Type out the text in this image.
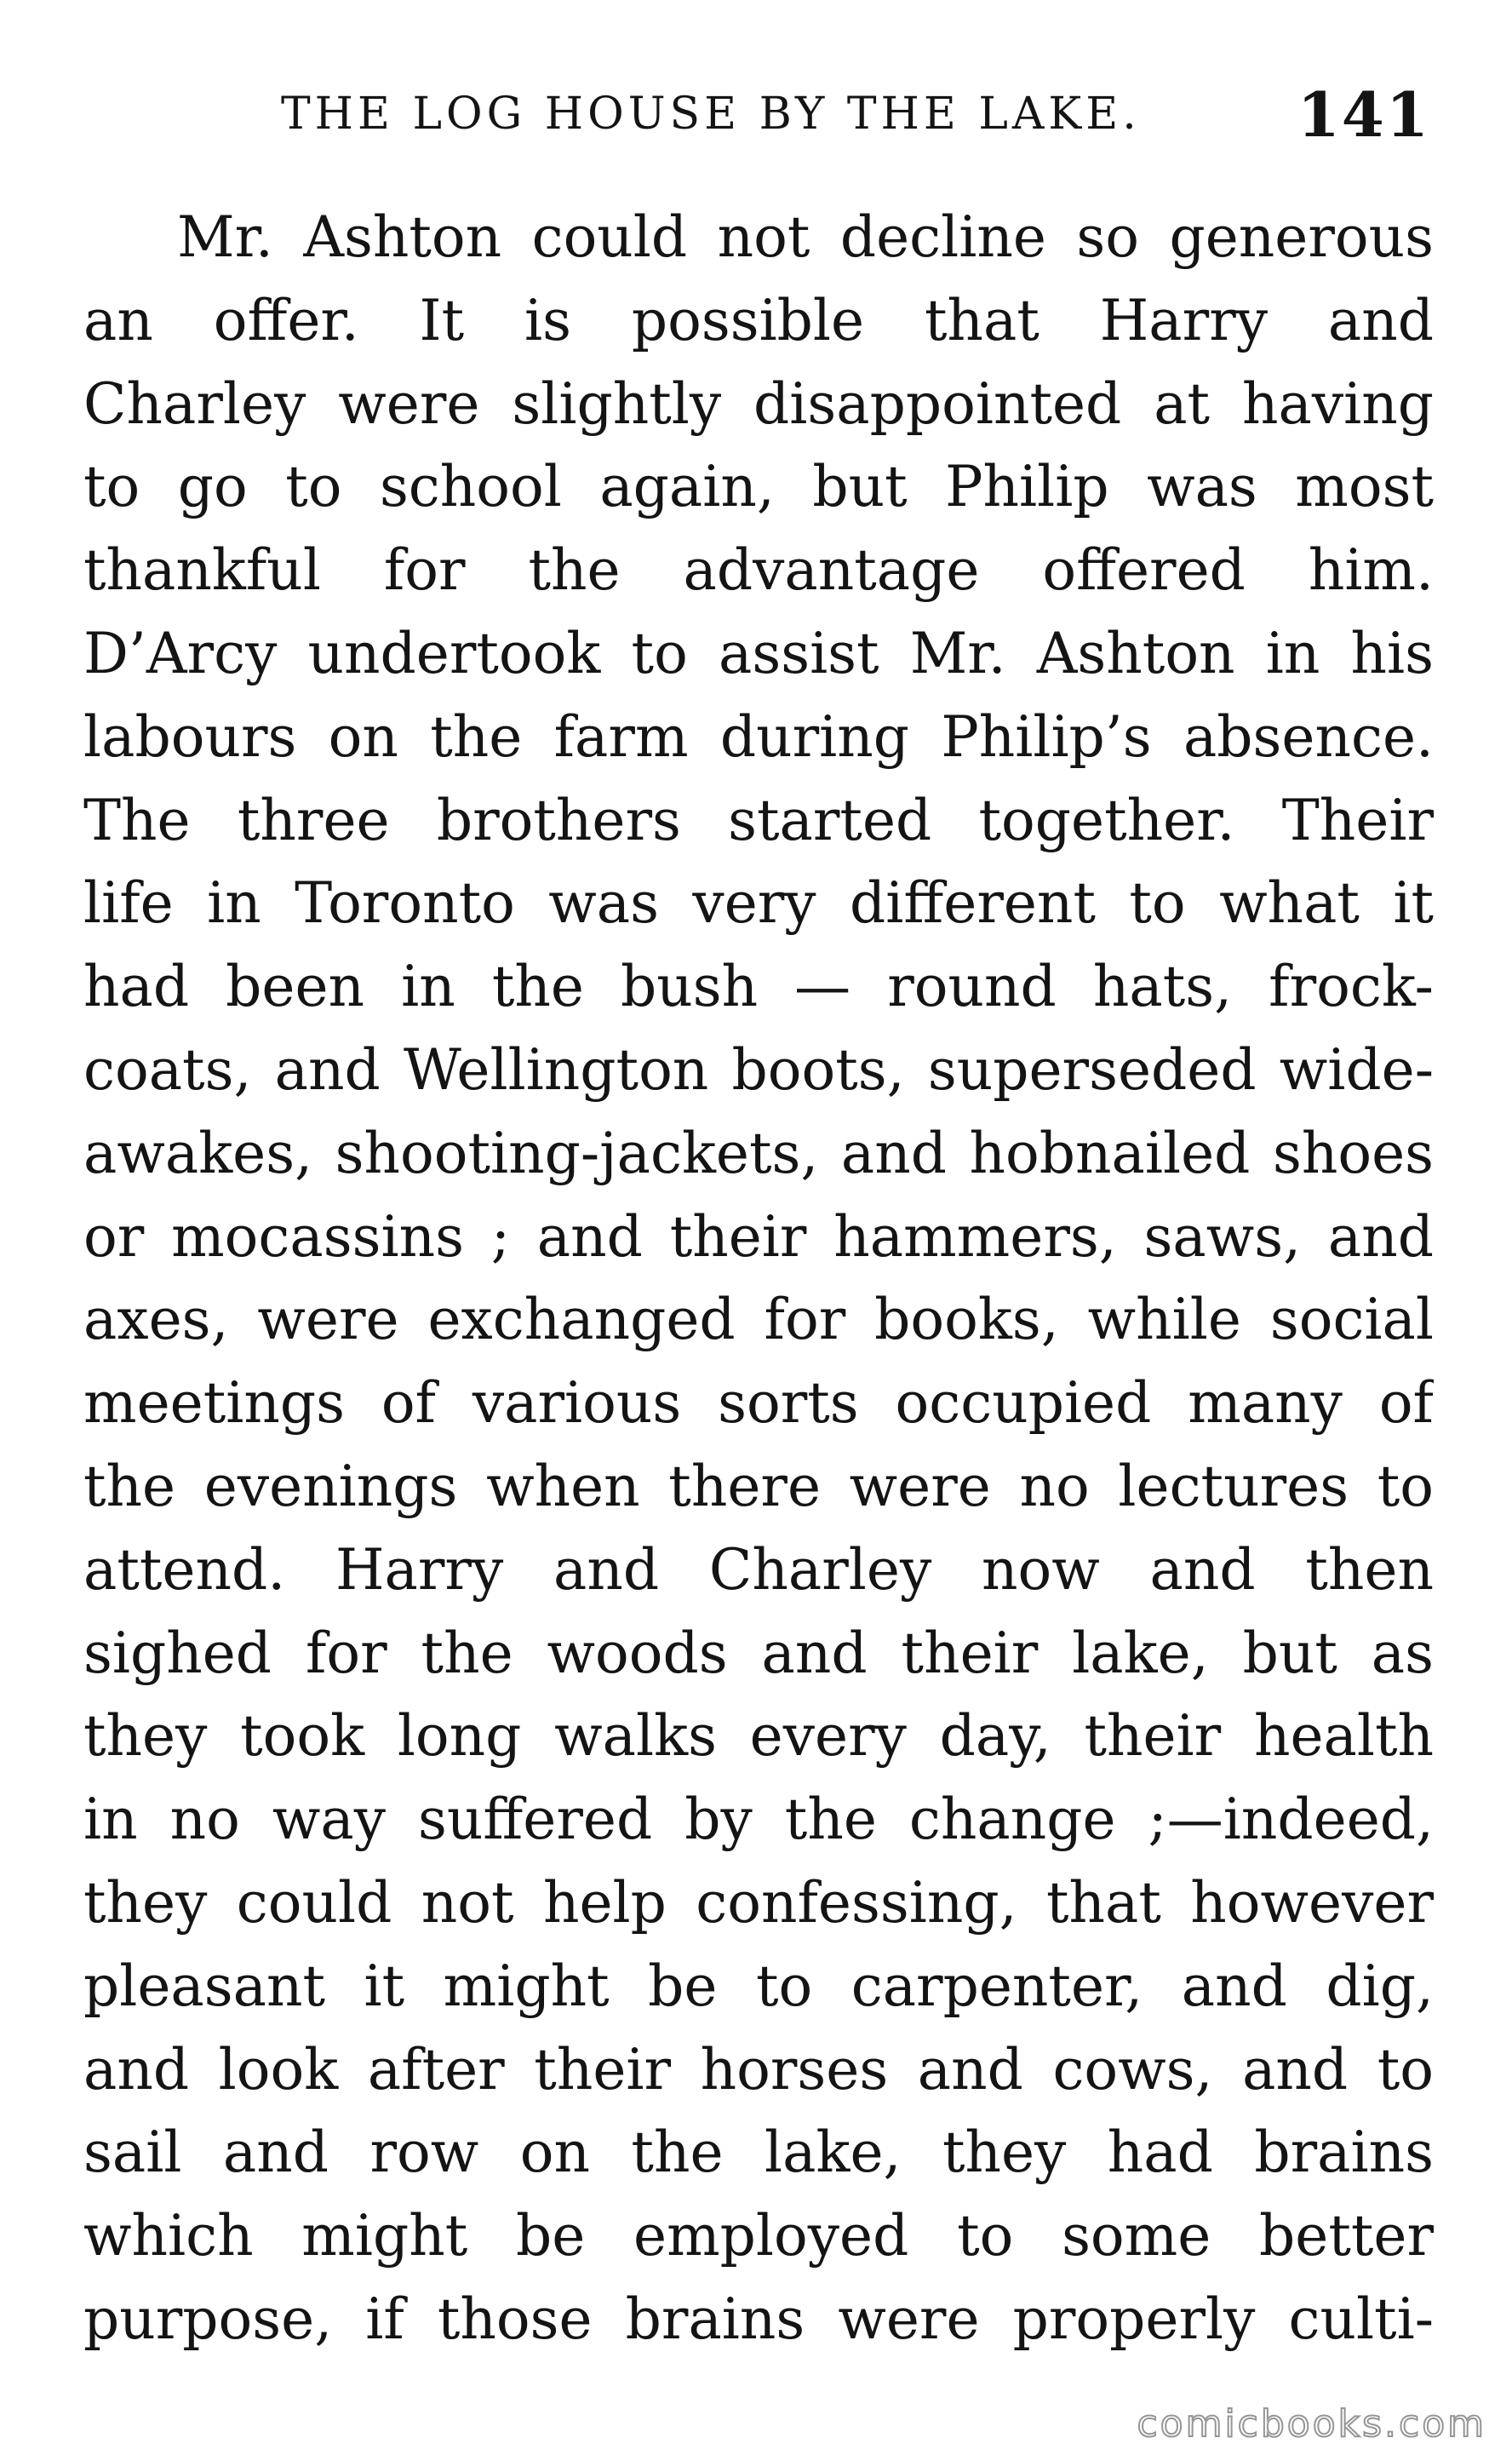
THE LOG HOUSE BY THE LAKE.	141
Mr. Ashton could not decline so generous
an offer. It is possible that Harry and
Charley were slightly disappointed at having
to go to school again, but Philip was most
thankful for the advantage offered him.
D’Arcy undertook to assist Mr. Ashton in his
labours on the farm during Philip’s absence.
The three brothers started together. Their
life in Toronto was very different to what it
had been in the bush — round hats, frock-
coats, and Wellington boots, superseded wide-
awakes, shooting-jackets, and hobnailed shoes
or mocassins ; and their hammers, saws, and
axes, were exchanged for books, while social
meetings of various sorts occupied many of
the evenings when there were no lectures to
attend. Harry and Charley now and then
sighed for the woods and their lake, but as
they took long walks every day, their health
in no way suffered by the change ;—indeed,
they could not help confessing, that however
pleasant it might be to carpenter, and dig,
and look after their horses and cows, and to
sail and row on the lake, they had brains
which might be employed to some better
purpose, if those brains were properly culti-
comicbooks.com
